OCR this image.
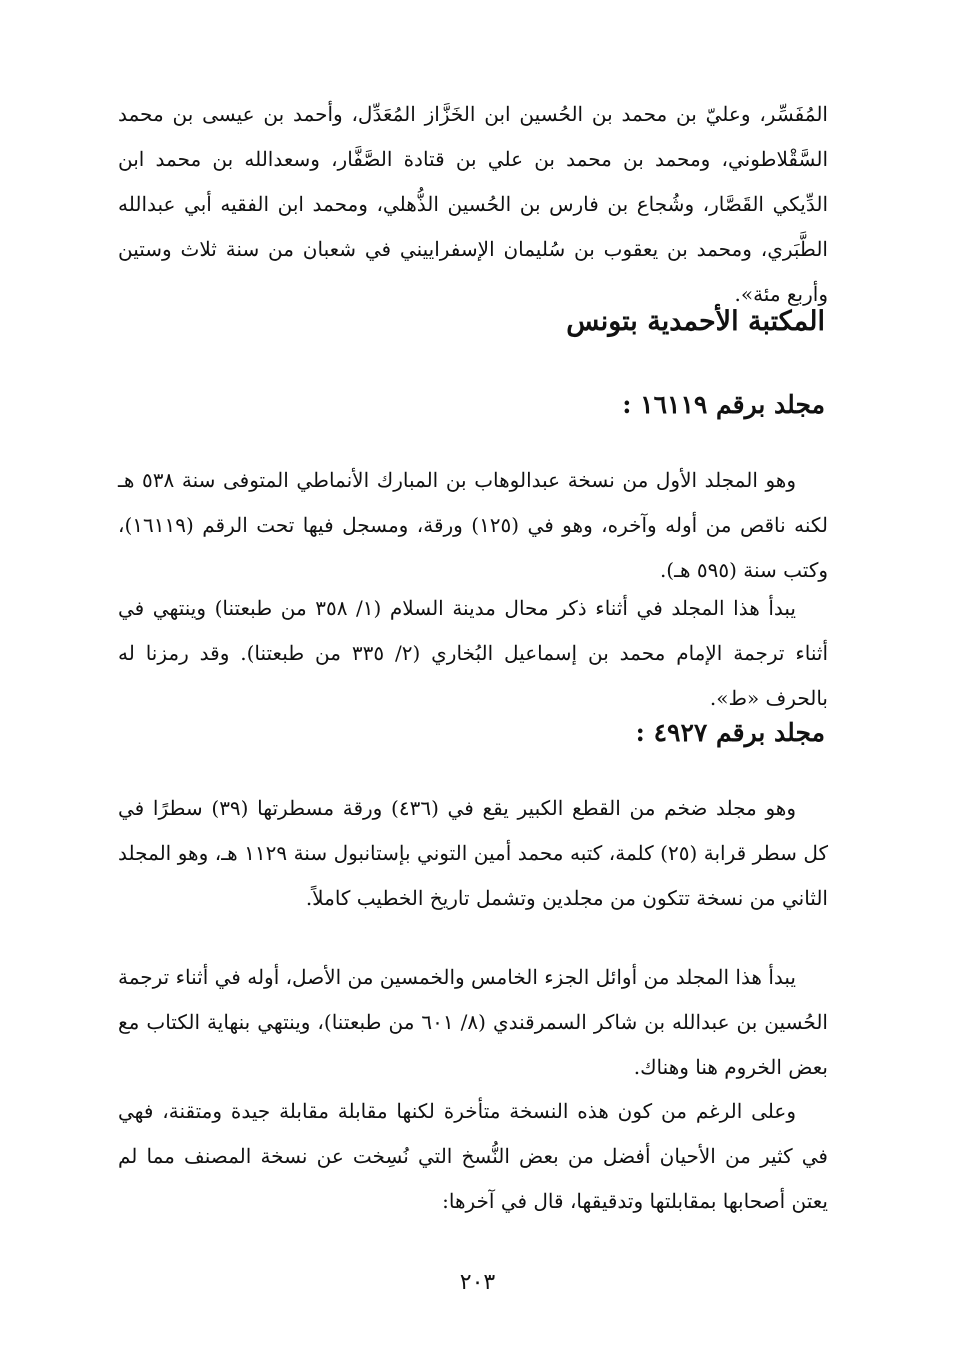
المُفَسِّر، وعليّ بن محمد بن الحُسين ابن الخَزَّاز المُعَدِّل، وأحمد بن عيسى بن محمد السَّقْلاطوني، ومحمد بن محمد بن علي بن قتادة الصَّفَّار، وسعدالله بن محمد ابن الدِّيكي القَصَّار، وشُجاع بن فارس بن الحُسين الذُّهلي، ومحمد ابن الفقيه أبي عبدالله الطَّبَري، ومحمد بن يعقوب بن سُليمان الإسفراييني في شعبان من سنة ثلاث وستين وأربع مئة».

المكتبة الأحمدية بتونس
مجلد برقم ١٦١١٩ :

وهو المجلد الأول من نسخة عبدالوهاب بن المبارك الأنماطي المتوفى سنة ٥٣٨ هـ لكنه ناقص من أوله وآخره، وهو في (١٢٥) ورقة، ومسجل فيها تحت الرقم (١٦١١٩)، وكتب سنة (٥٩٥ هـ).

يبدأ هذا المجلد في أثناء ذكر محال مدينة السلام (١/ ٣٥٨ من طبعتنا) وينتهي في أثناء ترجمة الإمام محمد بن إسماعيل البُخاري (٢/ ٣٣٥ من طبعتنا). وقد رمزنا له بالحرف «ط».

مجلد برقم ٤٩٢٧ :

وهو مجلد ضخم من القطع الكبير يقع في (٤٣٦) ورقة مسطرتها (٣٩) سطرًا في كل سطر قرابة (٢٥) كلمة، كتبه محمد أمين التوني بإستانبول سنة ١١٢٩ هـ، وهو المجلد الثاني من نسخة تتكون من مجلدين وتشمل تاريخ الخطيب كاملاً.

يبدأ هذا المجلد من أوائل الجزء الخامس والخمسين من الأصل، أوله في أثناء ترجمة الحُسين بن عبدالله بن شاكر السمرقندي (٨/ ٦٠١ من طبعتنا)، وينتهي بنهاية الكتاب مع بعض الخروم هنا وهناك.

وعلى الرغم من كون هذه النسخة متأخرة لكنها مقابلة مقابلة جيدة ومتقنة، فهي في كثير من الأحيان أفضل من بعض النُّسخ التي نُسِخت عن نسخة المصنف مما لم يعتن أصحابها بمقابلتها وتدقيقها، قال في آخرها:

٢٠٣
